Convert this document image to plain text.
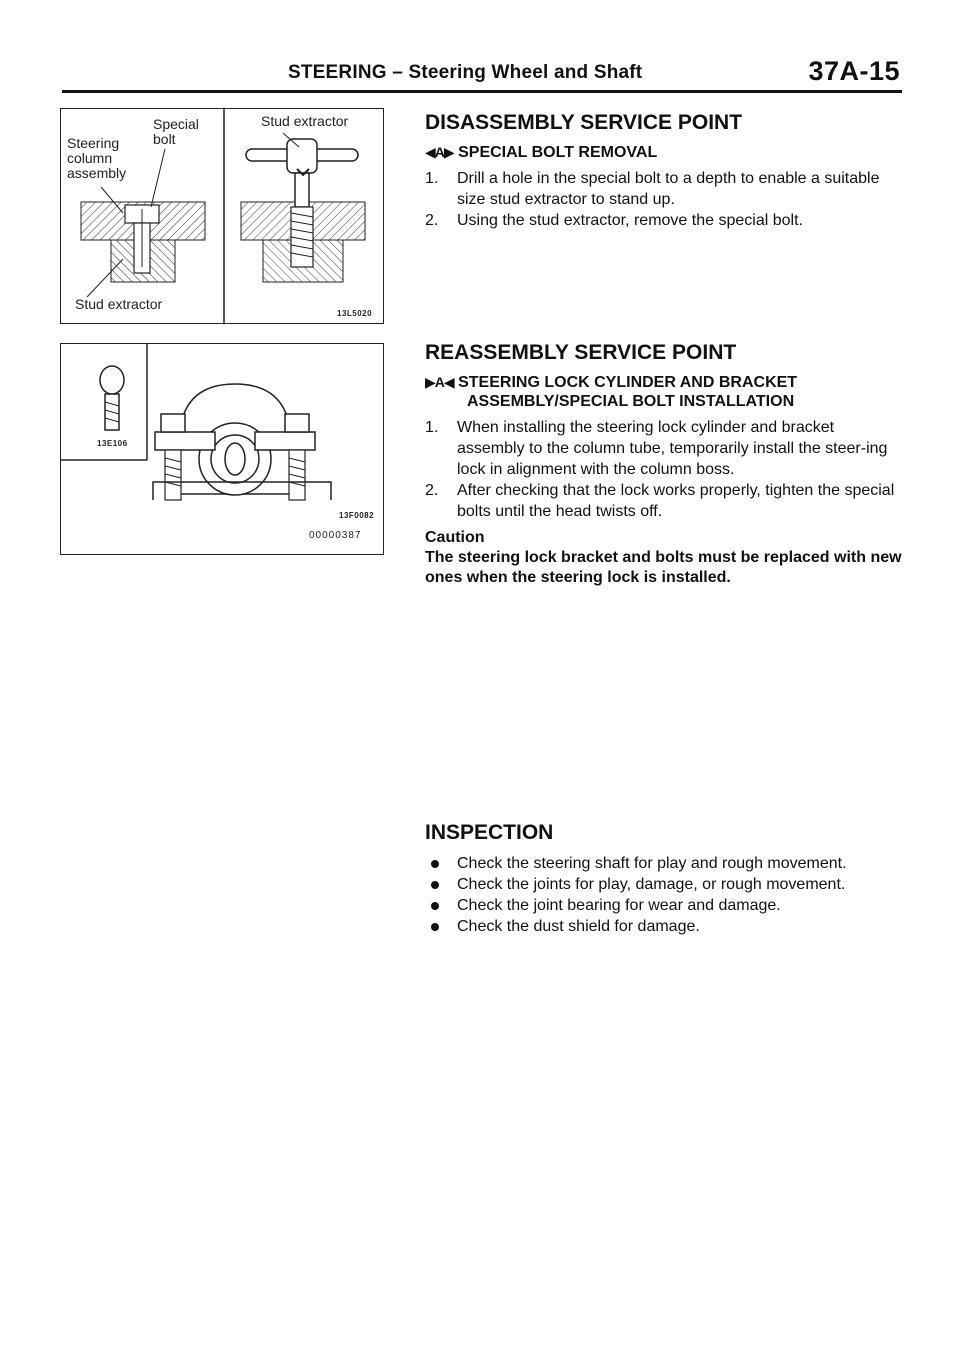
STEERING – Steering Wheel and Shaft	37A-15
Special
bolt
Steering
column
assembly
Stud extractor
Stud extractor
13L5020
13E106
13F0082
00000387
DISASSEMBLY SERVICE POINT
◀A▶ SPECIAL BOLT REMOVAL
1. Drill a hole in the special bolt to a depth to enable a suitable size stud extractor to stand up.
2. Using the stud extractor, remove the special bolt.
REASSEMBLY SERVICE POINT
▶A◀ STEERING LOCK CYLINDER AND BRACKET ASSEMBLY/SPECIAL BOLT INSTALLATION
1. When installing the steering lock cylinder and bracket assembly to the column tube, temporarily install the steer-ing lock in alignment with the column boss.
2. After checking that the lock works properly, tighten the special bolts until the head twists off.
Caution
The steering lock bracket and bolts must be replaced with new ones when the steering lock is installed.
INSPECTION
Check the steering shaft for play and rough movement.
Check the joints for play, damage, or rough movement.
Check the joint bearing for wear and damage.
Check the dust shield for damage.
